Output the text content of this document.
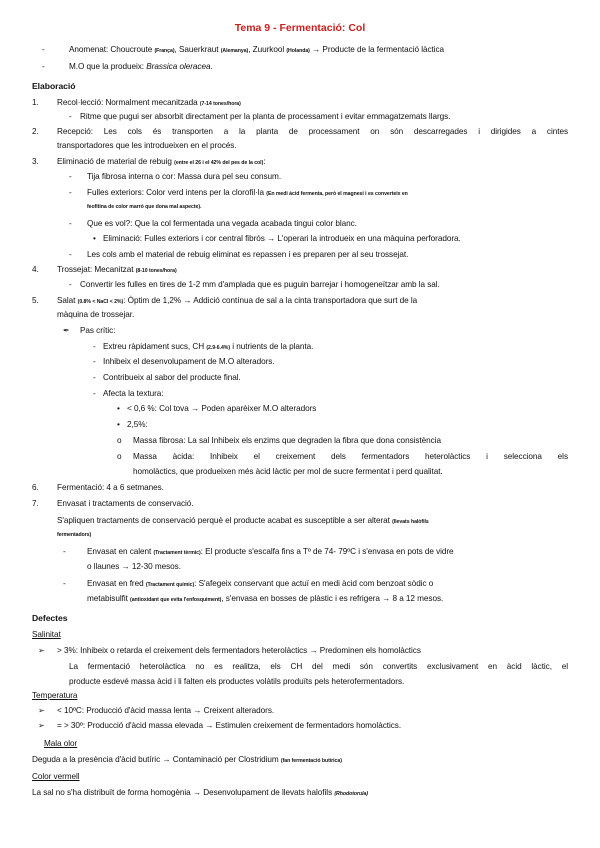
Tema 9 - Fermentació: Col
-	Anomenat: Choucroute (França), Sauerkraut (Alemanya), Zuurkool (Holanda) → Producte de la fermentació làctica
-	M.O que la produeix: Brassica oleracea.
Elaboració
1. Recol·lecció: Normalment mecanitzada (7-14 tones/hora)
- Ritme que pugui ser absorbit directament per la planta de processament i evitar emmagatzemats llargs.
2. Recepció: Les cols és transporten a la planta de processament on són descarregades i dirigides a cintes
transportadores que les introdueixen en el procés.
3. Eliminació de material de rebuig (entre el 26 i el 42% del pes de la col):
- Tija fibrosa interna o cor: Massa dura pel seu consum.
- Fulles exteriors: Color verd intens per la clorofil·la (En medi àcid fermenta, però el magnesi i es converteix en
feofitina de color marró que dona mal aspecte).
- Que es vol?: Que la col fermentada una vegada acabada tingui color blanc.
• Eliminació: Fulles exteriors i cor central fibrós → L'operari la introdueix en una màquina perforadora.
- Les cols amb el material de rebuig eliminat es repassen i es preparen per al seu trossejat.
4. Trossejat: Mecanitzat (8-10 tones/hora)
- Convertir les fulles en tires de 1-2 mm d'amplada que es puguin barrejar i homogeneïtzar amb la sal.
5. Salat (0.8% < NaCl < 2%): Òptim de 1,2% → Addició contínua de sal a la cinta transportadora que surt de la
màquina de trossejar.
✒ Pas crític:
- Extreu ràpidament sucs, CH (2.9-6.4%) i nutrients de la planta.
- Inhibeix el desenvolupament de M.O alteradors.
- Contribueix al sabor del producte final.
- Afecta la textura:
• < 0,6 %: Col tova → Poden aparèixer M.O alteradors
• 2,5%:
o Massa fibrosa: La sal Inhibeix els enzims que degraden la fibra que dona consistència
o Massa àcida: Inhibeix el creixement dels fermentadors heterolàctics i selecciona els
homolàctics, que produeixen més àcid làctic per mol de sucre fermentat i perd qualitat.
6. Fermentació: 4 a 6 setmanes.
7. Envasat i tractaments de conservació.
S'apliquen tractaments de conservació perquè el producte acabat es susceptible a ser alterat (llevats halòfils
fermentadors)
-	Envasat en calent (Tractament tèrmic): El producte s'escalfa fins a Tº de 74- 79ºC i s'envasa en pots de vidre
o llaunes → 12-30 mesos.
-	Envasat en fred (Tractament químic): S'afegeix conservant que actuï en medi àcid com benzoat sòdic o
metabisulfit (antioxidant que evita l'enfosquiment), s'envasa en bosses de plàstic i es refrigera → 8 a 12 mesos.
Defectes
Salinitat
➢ > 3%: Inhibeix o retarda el creixement dels fermentadors heterolàctics → Predominen els homolàctics
La fermentació heterolàctica no es realitza, els CH del medi són convertits exclusivament en àcid làctic, el
producte esdevé massa àcid i li falten els productes volàtils produïts pels heterofermentadors.
Temperatura
➢ < 10ºC: Producció d'àcid massa lenta → Creixent alteradors.
➢ = > 30º: Producció d'àcid massa elevada → Estimulen creixement de fermentadors homolàctics.
Mala olor
Deguda a la presència d'àcid butíric → Contaminació per Clostridium (fan fermentació butírica)
Color vermell
La sal no s'ha distribuït de forma homogènia → Desenvolupament de llevats halofils (Rhodotorula)
